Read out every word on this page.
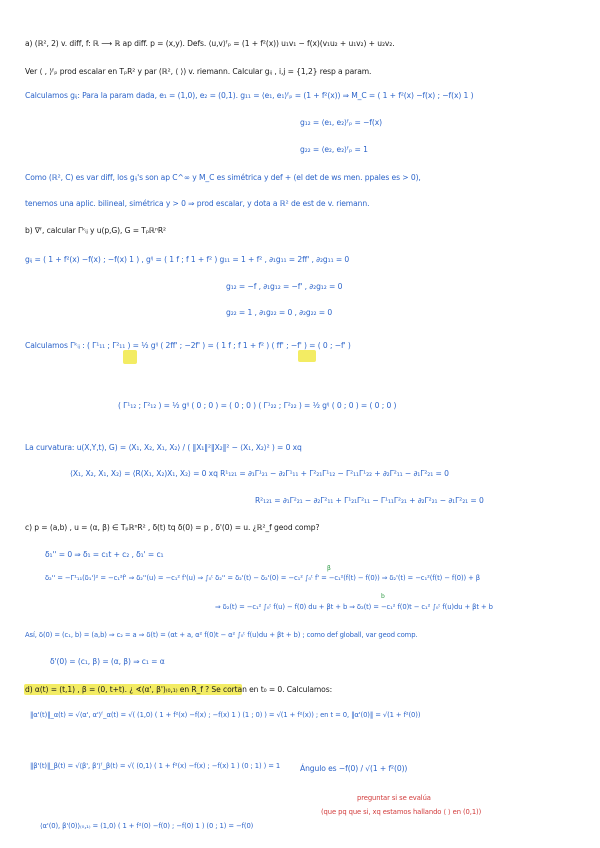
a) (ℝ², 2) v. diff, f: ℝ ⟶ ℝ ap diff. p = (x,y). Defs. ⟨u,v⟩ᶠₚ = (1 + f²(x)) u₁v₁ − f(x)(v₁u₂ + u₁v₂) + u₂v₂.
Ver ⟨ , ⟩ᶠₚ prod escalar en TₚR² y par (ℝ², ⟨ ⟩) v. riemann. Calcular gᵢⱼ , i,j = {1,2} resp a param.
Calculamos gᵢⱼ: Para la param dada, e₁ = (1,0), e₂ = (0,1). g₁₁ = ⟨e₁, e₁⟩ᶠₚ = (1 + f²(x)) ⇒ M_C = ( 1 + f²(x) −f(x) ; −f(x) 1 )
g₁₂ = ⟨e₁, e₂⟩ᶠₚ = −f(x)
g₂₂ = ⟨e₂, e₂⟩ᶠₚ = 1
Como (ℝ², C) es var diff, los gᵢⱼ's son ap C^∞ y M_C es simétrica y def + (el det de ws men. ppales es > 0),
tenemos una aplic. bilineal, simétrica y > 0 ⇒ prod escalar, y dota a ℝ² de est de v. riemann.
b) ∇ᶠ, calcular Γᵏᵢⱼ y u(p,G), G = TₚℝⁿR²
gᵢⱼ = ( 1 + f²(x) −f(x) ; −f(x) 1 ) , gⁱʲ = ( 1 f ; f 1 + f² ) g₁₁ = 1 + f² , ∂₁g₁₁ = 2ff' , ∂₂g₁₁ = 0
g₁₂ = −f , ∂₁g₁₂ = −f' , ∂₂g₁₂ = 0
g₂₂ = 1 , ∂₁g₂₂ = 0 , ∂₂g₂₂ = 0
Calculamos Γᵏᵢⱼ : ( Γ¹₁₁ ; Γ²₁₁ ) = ½ gⁱʲ ( 2ff' ; −2f' ) = ( 1 f ; f 1 + f² ) ( ff' ; −f' ) = ( 0 ; −f' )
( Γ¹₁₂ ; Γ²₁₂ ) = ½ gⁱʲ ( 0 ; 0 ) = ( 0 ; 0 ) ( Γ¹₂₂ ; Γ²₂₂ ) = ½ gⁱʲ ( 0 ; 0 ) = ( 0 ; 0 )
La curvatura: u(X,Y,t), G) = ⟨X₁, X₂, X₁, X₂⟩ / ( ‖X₁‖²‖X₂‖² − ⟨X₁, X₂⟩² ) = 0 xq
⟨X₁, X₂, X₁, X₂⟩ = ⟨R(X₁, X₂)X₁, X₂⟩ = 0 xq R¹₁₂₁ = ∂₁Γ¹₂₁ − ∂₂Γ¹₁₁ + Γ²₂₁Γ¹₁₂ − Γ²₁₁Γ¹₂₂ + ∂₂Γ²₁₁ − ∂₁Γ²₂₁ = 0
R²₁₂₁ = ∂₁Γ²₂₁ − ∂₂Γ²₁₁ + Γ¹₂₁Γ²₁₁ − Γ¹₁₁Γ²₂₁ + ∂₂Γ²₂₁ − ∂₁Γ²₂₁ = 0
c) p = (a,b) , u = (α, β) ∈ TₚℝⁿR² , δ(t) tq δ(0) = p , δ'(0) = u. ¿ℝ²_f geod comp?
δ₁'' = 0 ⇒ δ₁ = c₁t + c₂ , δ₁' = c₁
δ₂'' = −Γ¹₁₁(δ₁')² = −c₁²f' ⇒ δ₂''(u) = −c₁² f'(u) ⇒ ∫₀ᵗ δ₂'' = δ₂'(t) − δ₂'(0) = −c₁² ∫₀ᵗ f' = −c₁²(f(t) − f(0)) ⇒ δ₂'(t) = −c₁²(f(t) − f(0)) + β
β
⇒ δ₂(t) = −c₁² ∫₀ᵗ f(u) − f(0) du + βt + b ⇒ δ₂(t) = −c₁² f(0)t − c₁² ∫₀ᵗ f(u)du + βt + b
b
Así, δ(0) = (c₁, b) = (a,b) ⇒ c₂ = a ⇒ δ(t) = (αt + a, α² f(0)t − α² ∫₀ᵗ f(u)du + βt + b) ; como def globall, var geod comp.
δ'(0) = (c₁, β) = (α, β) ⇒ c₁ = α
d) α(t) = (t,1) , β = (0, t+t). ¿ ∢(α', β')₍₀,₁₎ en R_f ? Se cortan en t₀ = 0. Calculamos:
‖α'(t)‖_α(t) = √⟨α', α'⟩ᶠ_α(t) = √( (1,0) ( 1 + f²(x) −f(x) ; −f(x) 1 ) (1 ; 0) ) = √(1 + f²(x)) ; en t = 0, ‖α'(0)‖ = √(1 + f²(0))
‖β'(t)‖_β(t) = √⟨β', β'⟩ᶠ_β(t) = √( (0,1) ( 1 + f²(x) −f(x) ; −f(x) 1 ) (0 ; 1) ) = 1	Ángulo es −f(0) / √(1 + f²(0))
preguntar si se evalúa
(que pq que si, xq estamos hallando ⟨ ⟩ en (0,1))
⟨α'(0), β'(0)⟩₍₀,₁₎ = (1,0) ( 1 + f²(0) −f(0) ; −f(0) 1 ) (0 ; 1) = −f(0)
